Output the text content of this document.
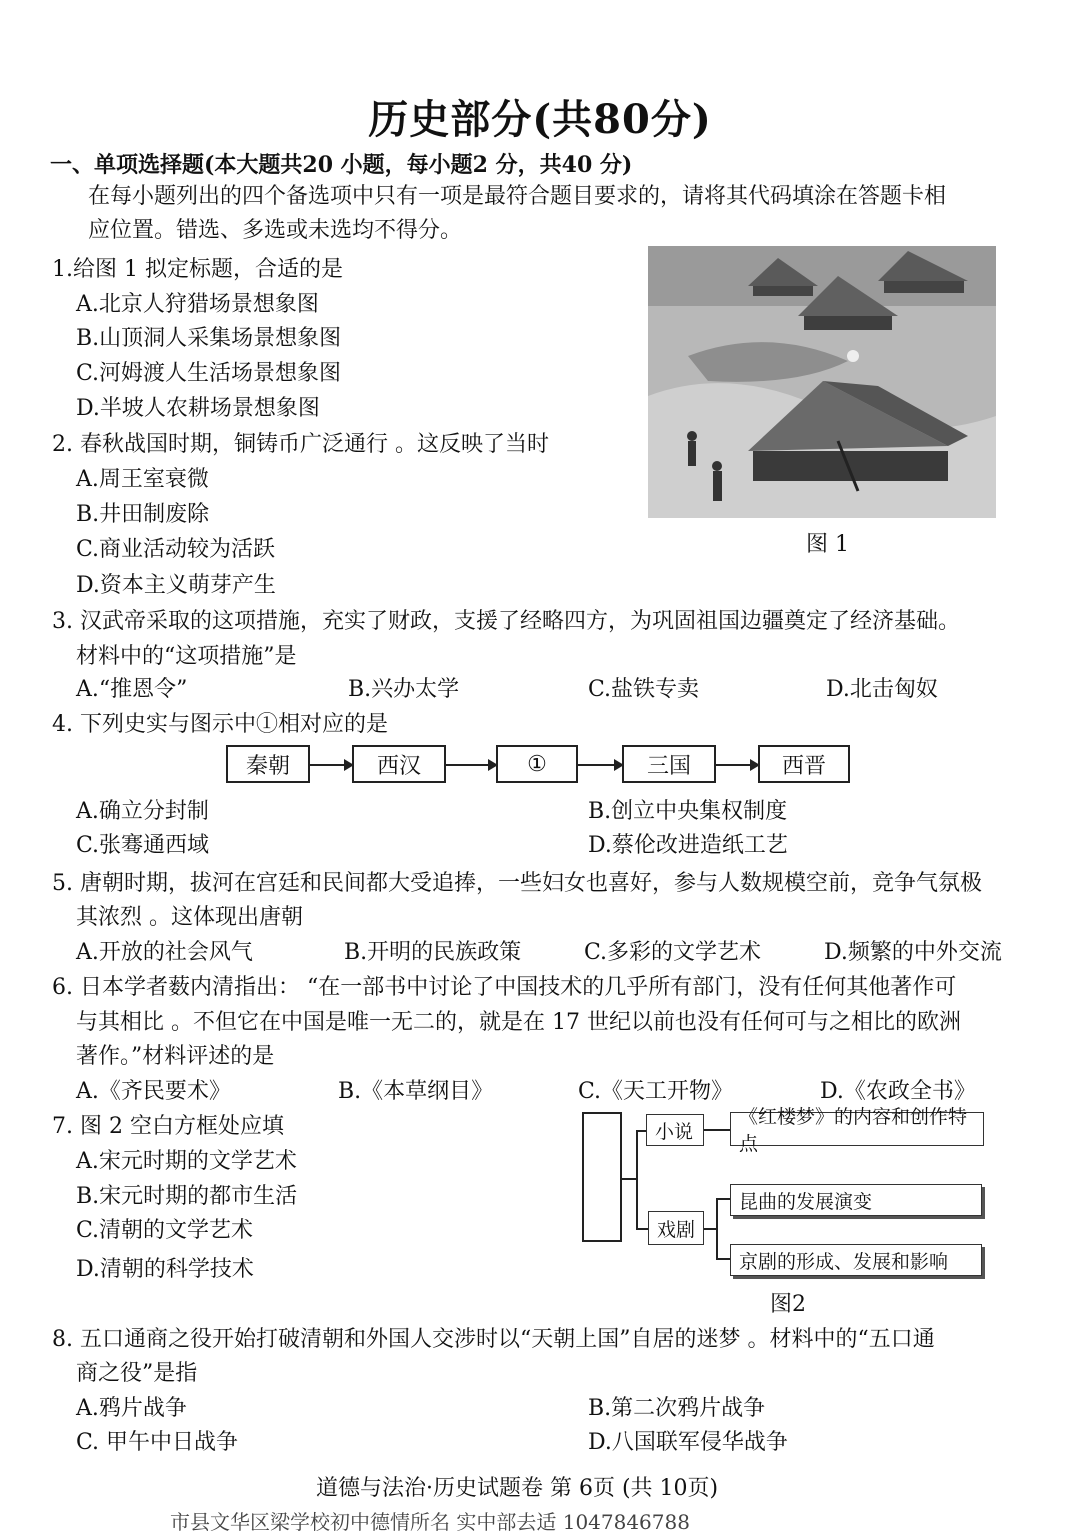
历史部分(共80分)
一、单项选择题(本大题共20 小题，每小题2 分，共40 分)
在每小题列出的四个备选项中只有一项是最符合题目要求的，请将其代码填涂在答题卡相
应位置。错选、多选或未选均不得分。
图 1
1.给图 1 拟定标题，合适的是
A.北京人狩猎场景想象图
B.山顶洞人采集场景想象图
C.河姆渡人生活场景想象图
D.半坡人农耕场景想象图
2. 春秋战国时期，铜铸币广泛通行 。这反映了当时
A.周王室衰微
B.井田制废除
C.商业活动较为活跃
D.资本主义萌芽产生
3. 汉武帝采取的这项措施，充实了财政，支援了经略四方，为巩固祖国边疆奠定了经济基础。
材料中的“这项措施”是
A.“推恩令”	B.兴办太学	C.盐铁专卖	D.北击匈奴
4. 下列史实与图示中①相对应的是
秦朝	西汉	①	三国	西晋
A.确立分封制	B.创立中央集权制度
C.张骞通西域	D.蔡伦改进造纸工艺
5. 唐朝时期，拔河在宫廷和民间都大受追捧，一些妇女也喜好，参与人数规模空前，竞争气氛极
其浓烈 。这体现出唐朝
A.开放的社会风气	B.开明的民族政策	C.多彩的文学艺术	D.频繁的中外交流
6. 日本学者薮内清指出： “在一部书中讨论了中国技术的几乎所有部门，没有任何其他著作可
与其相比 。不但它在中国是唯一无二的，就是在 17 世纪以前也没有任何可与之相比的欧洲
著作。”材料评述的是
A.《齐民要术》	B.《本草纲目》	C.《天工开物》	D.《农政全书》
7. 图 2 空白方框处应填
A.宋元时期的文学艺术
B.宋元时期的都市生活
C.清朝的文学艺术
D.清朝的科学技术
小说
《红楼梦》的内容和创作特点
戏剧
昆曲的发展演变
京剧的形成、发展和影响
图2
8. 五口通商之役开始打破清朝和外国人交涉时以“天朝上国”自居的迷梦 。材料中的“五口通
商之役”是指
A.鸦片战争	B.第二次鸦片战争
C. 甲午中日战争	D.八国联军侵华战争
道德与法治·历史试题卷 第 6页 (共 10页)
市县文华区梁学校初中德情所名 实中部去适 1047846788
